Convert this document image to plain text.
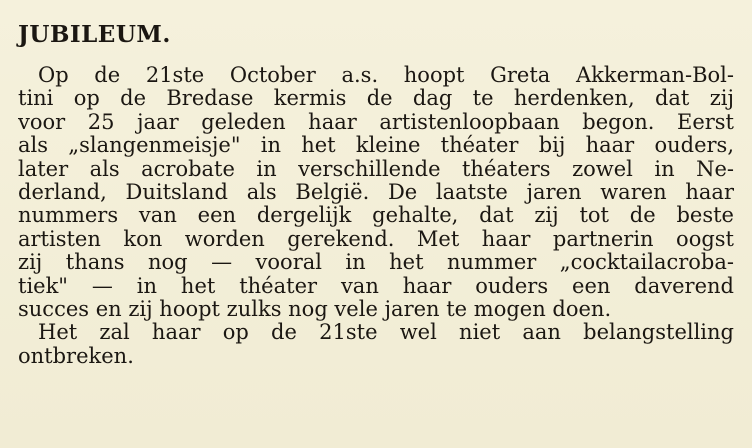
JUBILEUM.
Op de 21ste October a.s. hoopt Greta Akkerman-Bol-
tini op de Bredase kermis de dag te herdenken, dat zij
voor 25 jaar geleden haar artistenloopbaan begon. Eerst
als „slangenmeisje" in het kleine théater bij haar ouders,
later als acrobate in verschillende théaters zowel in Ne-
derland, Duitsland als België. De laatste jaren waren haar
nummers van een dergelijk gehalte, dat zij tot de beste
artisten kon worden gerekend. Met haar partnerin oogst
zij thans nog — vooral in het nummer „cocktailacroba-
tiek" — in het théater van haar ouders een daverend
succes en zij hoopt zulks nog vele jaren te mogen doen.
Het zal haar op de 21ste wel niet aan belangstelling
ontbreken.
